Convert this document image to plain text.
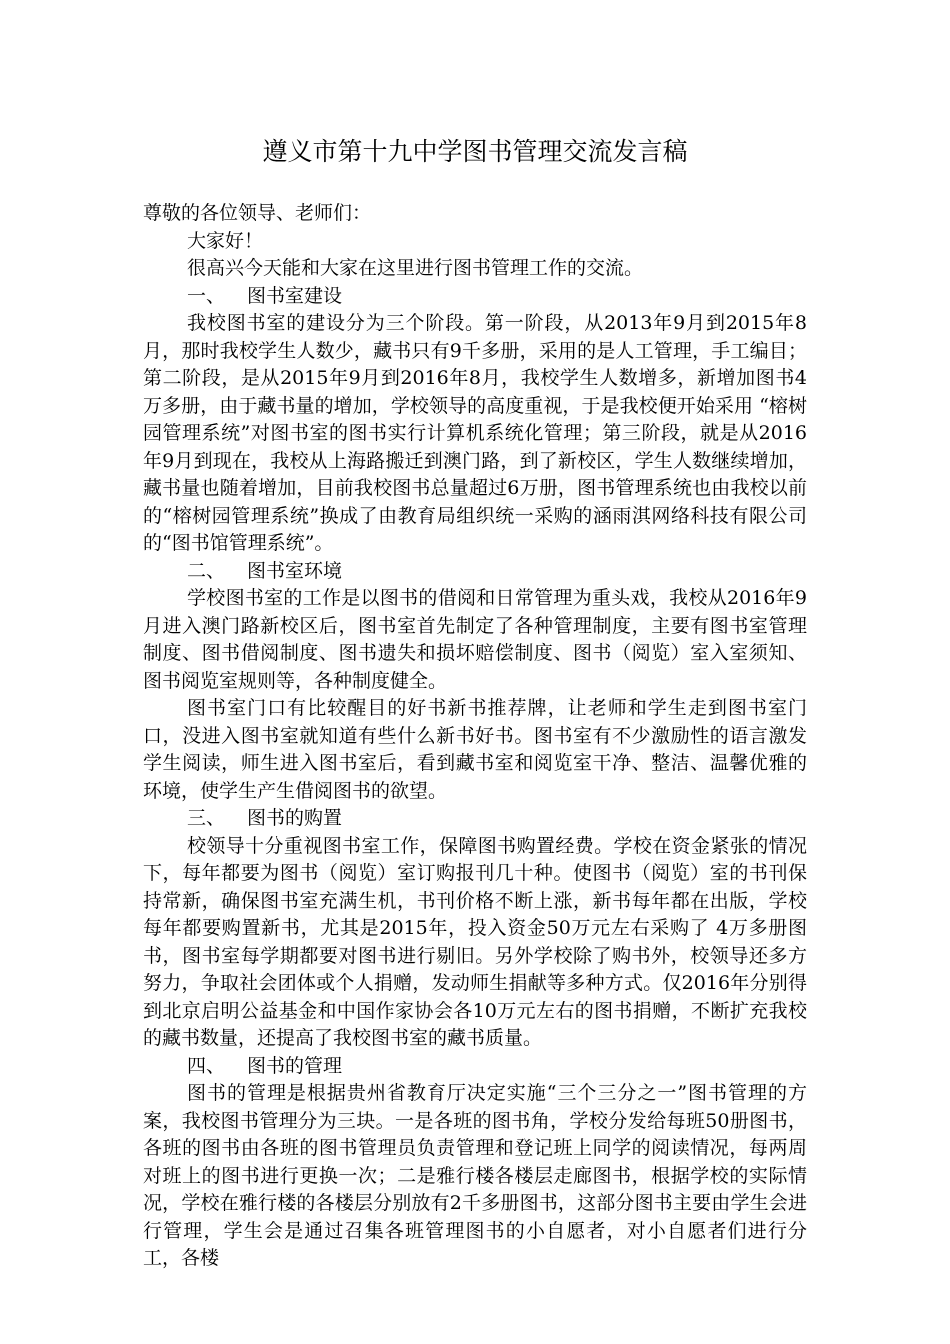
遵义市第十九中学图书管理交流发言稿

尊敬的各位领导、老师们：

大家好！

很高兴今天能和大家在这里进行图书管理工作的交流。

一、 图书室建设

我校图书室的建设分为三个阶段。第一阶段，从2013年9月到2015年8月，那时我校学生人数少，藏书只有9千多册，采用的是人工管理，手工编目；第二阶段，是从2015年9月到2016年8月，我校学生人数增多，新增加图书4万多册，由于藏书量的增加，学校领导的高度重视，于是我校便开始采用 “榕树园管理系统”对图书室的图书实行计算机系统化管理；第三阶段，就是从2016年9月到现在，我校从上海路搬迁到澳门路，到了新校区，学生人数继续增加，藏书量也随着增加，目前我校图书总量超过6万册，图书管理系统也由我校以前的“榕树园管理系统”换成了由教育局组织统一采购的涵雨淇网络科技有限公司的“图书馆管理系统”。

二、 图书室环境

学校图书室的工作是以图书的借阅和日常管理为重头戏，我校从2016年9月进入澳门路新校区后，图书室首先制定了各种管理制度，主要有图书室管理制度、图书借阅制度、图书遗失和损坏赔偿制度、图书（阅览）室入室须知、图书阅览室规则等，各种制度健全。

图书室门口有比较醒目的好书新书推荐牌，让老师和学生走到图书室门口，没进入图书室就知道有些什么新书好书。图书室有不少激励性的语言激发学生阅读，师生进入图书室后，看到藏书室和阅览室干净、整洁、温馨优雅的环境，使学生产生借阅图书的欲望。

三、 图书的购置

校领导十分重视图书室工作，保障图书购置经费。学校在资金紧张的情况下，每年都要为图书（阅览）室订购报刊几十种。使图书（阅览）室的书刊保持常新，确保图书室充满生机，书刊价格不断上涨，新书每年都在出版，学校每年都要购置新书，尤其是2015年，投入资金50万元左右采购了 4万多册图书，图书室每学期都要对图书进行剔旧。另外学校除了购书外，校领导还多方努力，争取社会团体或个人捐赠，发动师生捐献等多种方式。仅2016年分别得到北京启明公益基金和中国作家协会各10万元左右的图书捐赠，不断扩充我校的藏书数量，还提高了我校图书室的藏书质量。

四、 图书的管理

图书的管理是根据贵州省教育厅决定实施“三个三分之一”图书管理的方案，我校图书管理分为三块。一是各班的图书角，学校分发给每班50册图书，各班的图书由各班的图书管理员负责管理和登记班上同学的阅读情况，每两周对班上的图书进行更换一次；二是雅行楼各楼层走廊图书，根据学校的实际情况，学校在雅行楼的各楼层分别放有2千多册图书，这部分图书主要由学生会进行管理，学生会是通过召集各班管理图书的小自愿者，对小自愿者们进行分工，各楼
